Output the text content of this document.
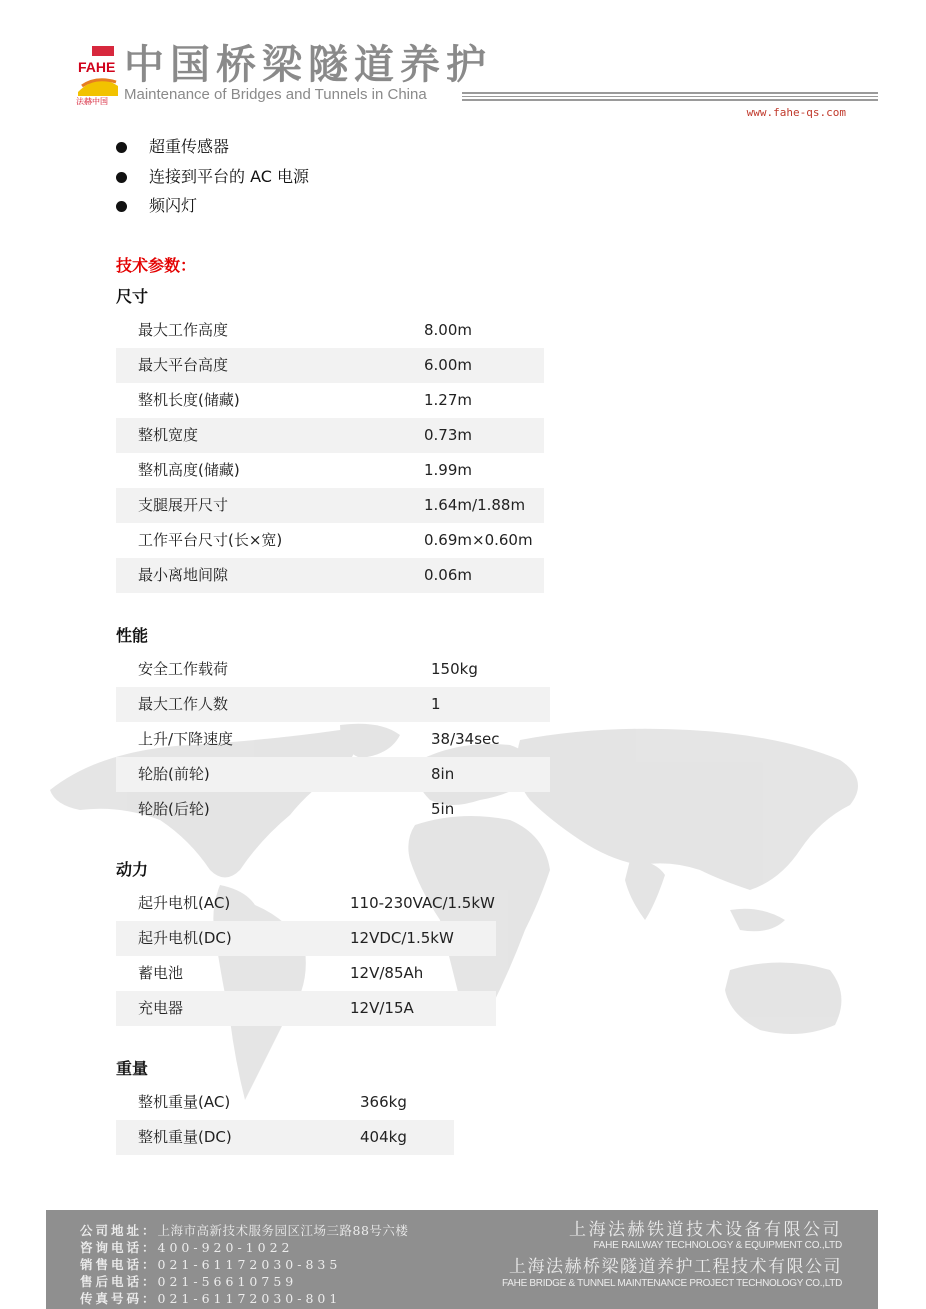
FAHE
法赫中国
中国桥梁隧道养护
Maintenance of Bridges and Tunnels in China
www.fahe-qs.com
超重传感器
连接到平台的 AC 电源
频闪灯
技术参数：
尺寸
最大工作高度	8.00m
最大平台高度	6.00m
整机长度(储藏)	1.27m
整机宽度	0.73m
整机高度(储藏)	1.99m
支腿展开尺寸	1.64m/1.88m
工作平台尺寸(长×宽)	0.69m×0.60m
最小离地间隙	0.06m
性能
安全工作载荷	150kg
最大工作人数	1
上升/下降速度	38/34sec
轮胎(前轮)	8in
轮胎(后轮)	5in
动力
起升电机(AC)	110-230VAC/1.5kW
起升电机(DC)	12VDC/1.5kW
蓄电池	12V/85Ah
充电器	12V/15A
重量
整机重量(AC)	366kg
整机重量(DC)	404kg
公司地址：上海市高新技术服务园区江场三路88号六楼
咨询电话：400-920-1022
销售电话：021-61172030-835
售后电话：021-56610759
传真号码：021-61172030-801
上海法赫铁道技术设备有限公司
FAHE RAILWAY TECHNOLOGY & EQUIPMENT CO.,LTD
上海法赫桥梁隧道养护工程技术有限公司
FAHE BRIDGE & TUNNEL MAINTENANCE PROJECT TECHNOLOGY CO.,LTD
